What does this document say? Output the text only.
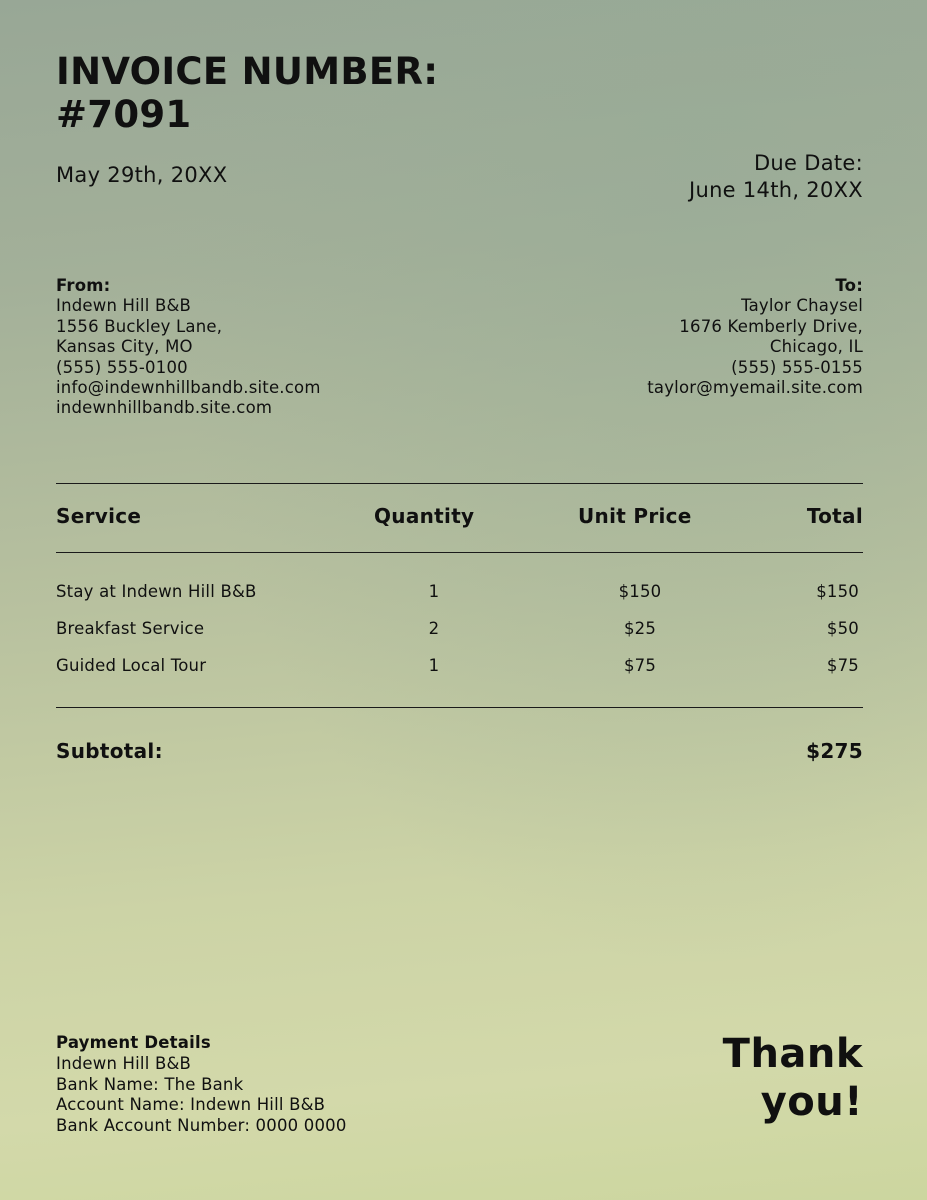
INVOICE NUMBER:
#7091
May 29th, 20XX	Due Date:
June 14th, 20XX
From:
Indewn Hill B&B
1556 Buckley Lane,
Kansas City, MO
(555) 555-0100
info@indewnhillbandb.site.com
indewnhillbandb.site.com
To:
Taylor Chaysel
1676 Kemberly Drive,
Chicago, IL
(555) 555-0155
taylor@myemail.site.com
Service	Quantity	Unit Price	Total
Stay at Indewn Hill B&B	1	$150	$150
Breakfast Service	2	$25	$50
Guided Local Tour	1	$75	$75
Subtotal:	$275
Payment Details
Indewn Hill B&B
Bank Name: The Bank
Account Name: Indewn Hill B&B
Bank Account Number: 0000 0000
Thank
you!
